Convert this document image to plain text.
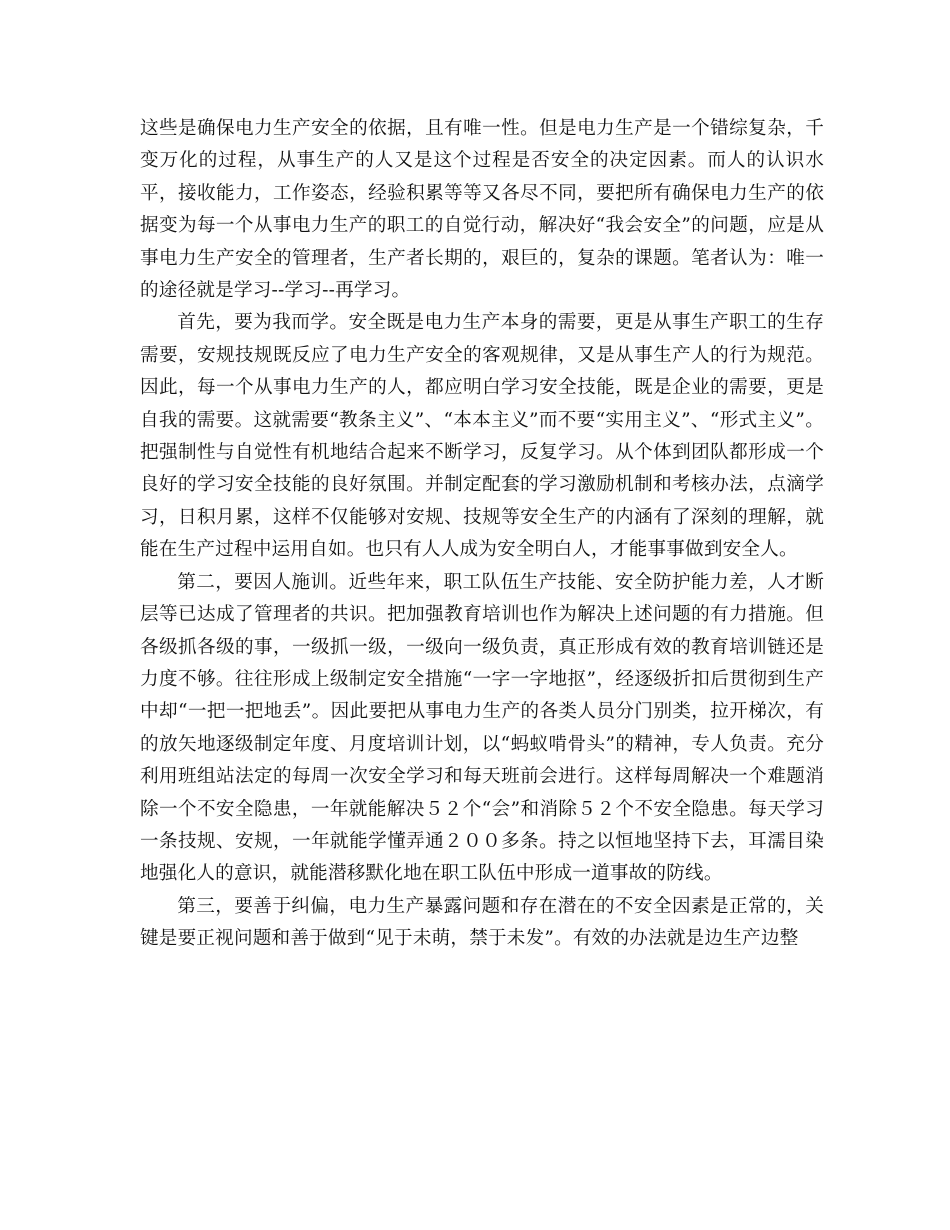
这些是确保电力生产安全的依据，且有唯一性。但是电力生产是一个错综复杂，千变万化的过程，从事生产的人又是这个过程是否安全的决定因素。而人的认识水平，接收能力，工作姿态，经验积累等等又各尽不同，要把所有确保电力生产的依据变为每一个从事电力生产的职工的自觉行动，解决好“我会安全”的问题，应是从事电力生产安全的管理者，生产者长期的，艰巨的，复杂的课题。笔者认为：唯一的途径就是学习--学习--再学习。

首先，要为我而学。安全既是电力生产本身的需要，更是从事生产职工的生存需要，安规技规既反应了电力生产安全的客观规律，又是从事生产人的行为规范。因此，每一个从事电力生产的人，都应明白学习安全技能，既是企业的需要，更是自我的需要。这就需要“教条主义”、“本本主义”而不要“实用主义”、“形式主义”。把强制性与自觉性有机地结合起来不断学习，反复学习。从个体到团队都形成一个良好的学习安全技能的良好氛围。并制定配套的学习激励机制和考核办法，点滴学习，日积月累，这样不仅能够对安规、技规等安全生产的内涵有了深刻的理解，就能在生产过程中运用自如。也只有人人成为安全明白人，才能事事做到安全人。

第二，要因人施训。近些年来，职工队伍生产技能、安全防护能力差，人才断层等已达成了管理者的共识。把加强教育培训也作为解决上述问题的有力措施。但各级抓各级的事，一级抓一级，一级向一级负责，真正形成有效的教育培训链还是力度不够。往往形成上级制定安全措施“一字一字地抠”，经逐级折扣后贯彻到生产中却“一把一把地丢”。因此要把从事电力生产的各类人员分门别类，拉开梯次，有的放矢地逐级制定年度、月度培训计划，以“蚂蚁啃骨头”的精神，专人负责。充分利用班组站法定的每周一次安全学习和每天班前会进行。这样每周解决一个难题消除一个不安全隐患，一年就能解决５２个“会”和消除５２个不安全隐患。每天学习一条技规、安规，一年就能学懂弄通２００多条。持之以恒地坚持下去，耳濡目染地强化人的意识，就能潜移默化地在职工队伍中形成一道事故的防线。

第三，要善于纠偏，电力生产暴露问题和存在潜在的不安全因素是正常的，关键是要正视问题和善于做到“见于未萌，禁于未发”。有效的办法就是边生产边整
